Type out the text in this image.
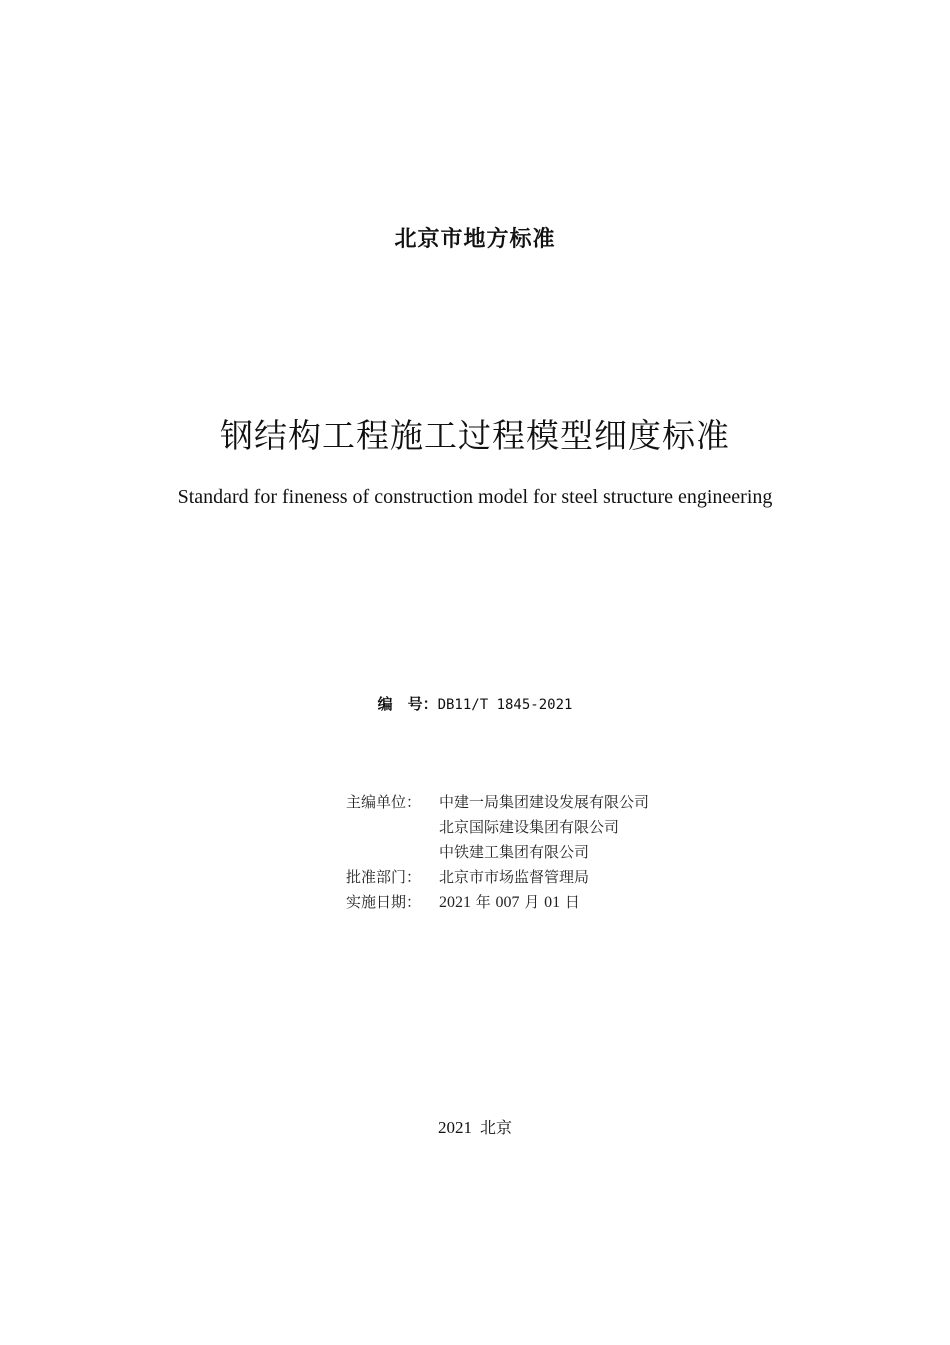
北京市地方标准
钢结构工程施工过程模型细度标准
Standard for fineness of construction model for steel structure engineering
编　号：DB11/T 1845-2021
主编单位：	中建一局集团建设发展有限公司
北京国际建设集团有限公司
中铁建工集团有限公司
批准部门：	北京市市场监督管理局
实施日期：	2021 年 007 月 01 日
2021 北京
